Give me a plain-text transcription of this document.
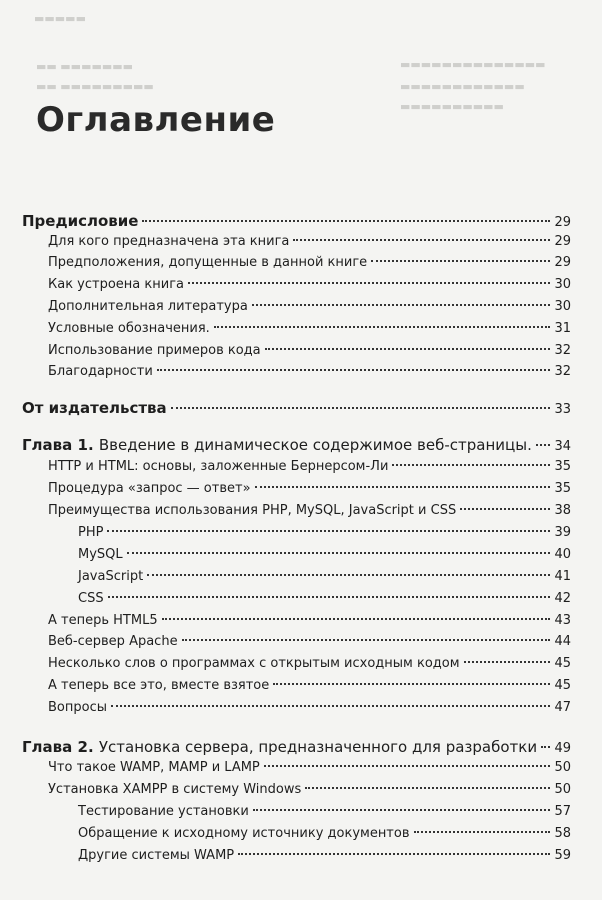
▬▬▬▬▬
▬▬ ▬▬▬▬▬▬▬
▬▬ ▬▬▬▬▬▬▬▬▬
▬▬▬▬▬▬▬▬▬▬▬▬▬▬
▬▬▬▬▬▬▬▬▬▬▬▬
▬▬▬▬▬▬▬▬▬▬
Оглавление
Предисловие	29
Для кого предназначена эта книга	29
Предположения, допущенные в данной книге	29
Как устроена книга	30
Дополнительная литература	30
Условные обозначения.	31
Использование примеров кода	32
Благодарности	32
От издательства	33
Глава 1. Введение в динамическое содержимое веб-страницы. 34
HTTP и HTML: основы, заложенные Бернерсом-Ли	35
Процедура «запрос — ответ»	35
Преимущества использования PHP, MySQL, JavaScript и CSS	38
PHP	39
MySQL	40
JavaScript	41
CSS	42
А теперь HTML5	43
Веб-сервер Apache	44
Несколько слов о программах с открытым исходным кодом	45
А теперь все это, вместе взятое	45
Вопросы	47
Глава 2. Установка сервера, предназначенного для разработки 49
Что такое WAMP, MAMP и LAMP	50
Установка XAMPP в систему Windows	50
Тестирование установки	57
Обращение к исходному источнику документов	58
Другие системы WAMP	59
